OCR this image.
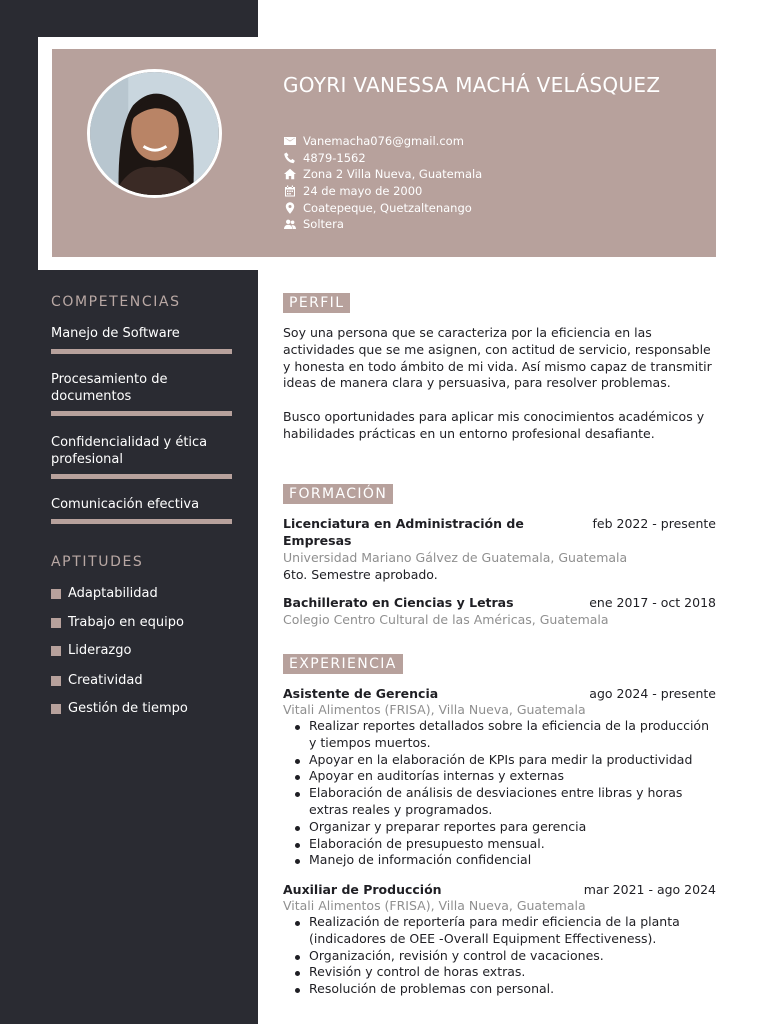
GOYRI VANESSA MACHÁ VELÁSQUEZ
Vanemacha076@gmail.com
4879-1562
Zona 2 Villa Nueva, Guatemala
24 de mayo de 2000
Coatepeque, Quetzaltenango
Soltera
COMPETENCIAS
Manejo de Software
Procesamiento de documentos
Confidencialidad y ética profesional
Comunicación efectiva
APTITUDES
Adaptabilidad
Trabajo en equipo
Liderazgo
Creatividad
Gestión de tiempo
PERFIL
Soy una persona que se caracteriza por la eficiencia en las actividades que se me asignen, con actitud de servicio, responsable y honesta en todo ámbito de mi vida. Así mismo capaz de transmitir ideas de manera clara y persuasiva, para resolver problemas.
Busco oportunidades para aplicar mis conocimientos académicos y habilidades prácticas en un entorno profesional desafiante.
FORMACIÓN
Licenciatura en Administración de Empresas
feb 2022 - presente
Universidad Mariano Gálvez de Guatemala, Guatemala
6to. Semestre aprobado.
Bachillerato en Ciencias y Letras	ene 2017 - oct 2018
Colegio Centro Cultural de las Américas, Guatemala
EXPERIENCIA
Asistente de Gerencia	ago 2024 - presente
Vitali Alimentos (FRISA), Villa Nueva, Guatemala
Realizar reportes detallados sobre la eficiencia de la producción y tiempos muertos.
Apoyar en la elaboración de KPIs para medir la productividad
Apoyar en auditorías internas y externas
Elaboración de análisis de desviaciones entre libras y horas extras reales y programados.
Organizar y preparar reportes para gerencia
Elaboración de presupuesto mensual.
Manejo de información confidencial
Auxiliar de Producción	mar 2021 - ago 2024
Vitali Alimentos (FRISA), Villa Nueva, Guatemala
Realización de reportería para medir eficiencia de la planta (indicadores de OEE -Overall Equipment Effectiveness).
Organización, revisión y control de vacaciones.
Revisión y control de horas extras.
Resolución de problemas con personal.
